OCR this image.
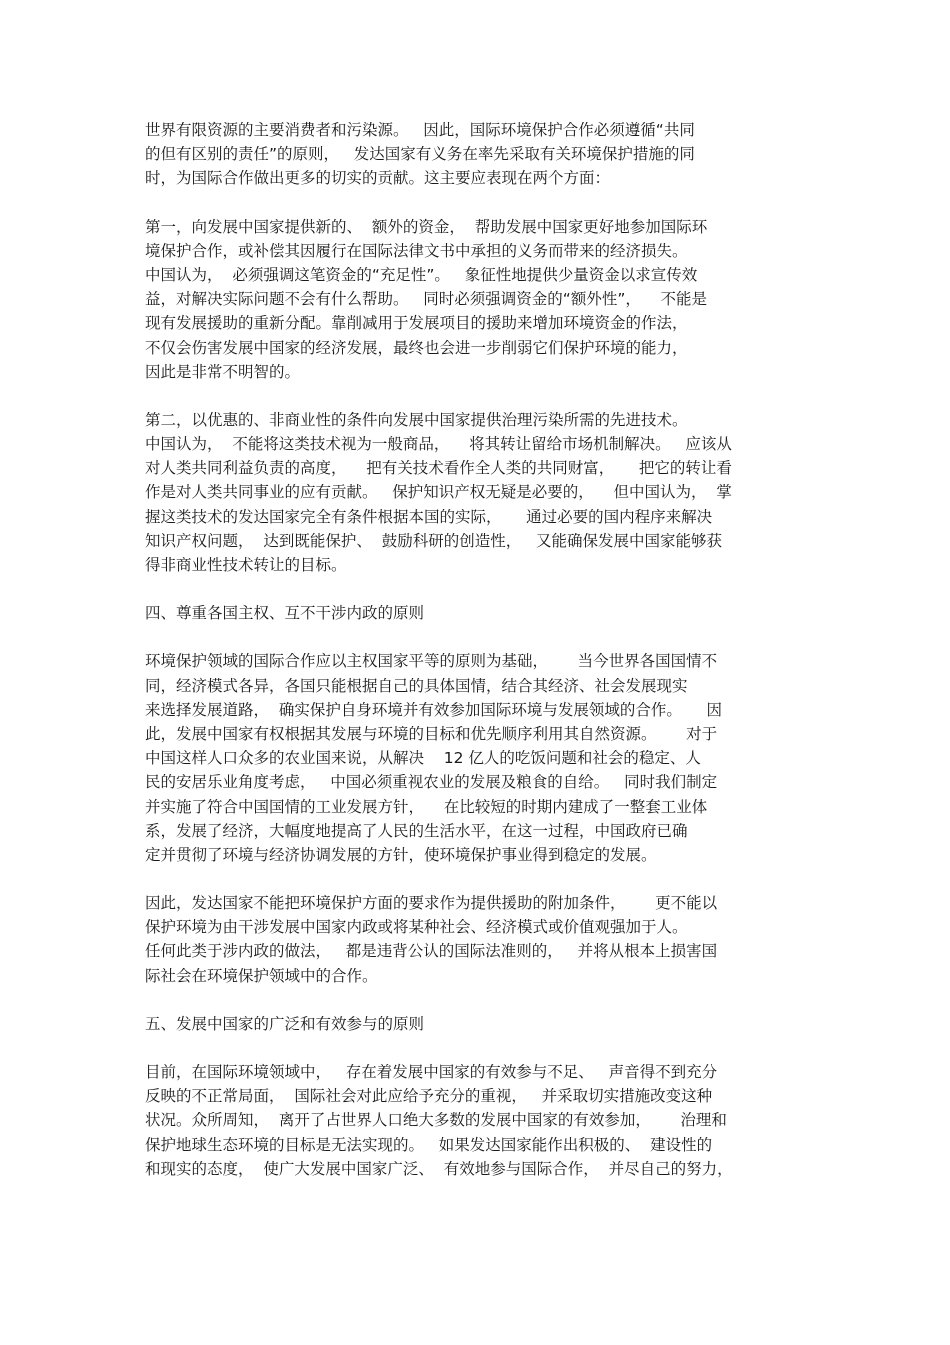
世界有限资源的主要消费者和污染源。   因此，国际环境保护合作必须遵循“共同
的但有区别的责任”的原则，   发达国家有义务在率先采取有关环境保护措施的同
时，为国际合作做出更多的切实的贡献。这主要应表现在两个方面：
第一，向发展中国家提供新的、  额外的资金，  帮助发展中国家更好地参加国际环
境保护合作，或补偿其因履行在国际法律文书中承担的义务而带来的经济损失。
中国认为，  必须强调这笔资金的“充足性”。   象征性地提供少量资金以求宣传效
益，对解决实际问题不会有什么帮助。   同时必须强调资金的“额外性”，    不能是
现有发展援助的重新分配。靠削减用于发展项目的援助来增加环境资金的作法，
不仅会伤害发展中国家的经济发展，最终也会进一步削弱它们保护环境的能力，
因此是非常不明智的。
第二，以优惠的、非商业性的条件向发展中国家提供治理污染所需的先进技术。
中国认为，  不能将这类技术视为一般商品，    将其转让留给市场机制解决。   应该从
对人类共同利益负责的高度，    把有关技术看作全人类的共同财富，     把它的转让看
作是对人类共同事业的应有贡献。   保护知识产权无疑是必要的，    但中国认为，  掌
握这类技术的发达国家完全有条件根据本国的实际，     通过必要的国内程序来解决
知识产权问题，  达到既能保护、  鼓励科研的创造性，   又能确保发展中国家能够获
得非商业性技术转让的目标。
四、尊重各国主权、互不干涉内政的原则
环境保护领域的国际合作应以主权国家平等的原则为基础，      当今世界各国国情不
同，经济模式各异，各国只能根据自己的具体国情，结合其经济、社会发展现实
来选择发展道路，  确实保护自身环境并有效参加国际环境与发展领域的合作。     因
此，发展中国家有权根据其发展与环境的目标和优先顺序利用其自然资源。      对于
中国这样人口众多的农业国来说，从解决    12 亿人的吃饭问题和社会的稳定、人
民的安居乐业角度考虑，   中国必须重视农业的发展及粮食的自给。   同时我们制定
并实施了符合中国国情的工业发展方针，    在比较短的时期内建成了一整套工业体
系，发展了经济，大幅度地提高了人民的生活水平，在这一过程，中国政府已确
定并贯彻了环境与经济协调发展的方针，使环境保护事业得到稳定的发展。
因此，发达国家不能把环境保护方面的要求作为提供援助的附加条件，      更不能以
保护环境为由干涉发展中国家内政或将某种社会、经济模式或价值观强加于人。
任何此类于涉内政的做法，   都是违背公认的国际法准则的，   并将从根本上损害国
际社会在环境保护领域中的合作。
五、发展中国家的广泛和有效参与的原则
目前，在国际环境领域中，   存在着发展中国家的有效参与不足、   声音得不到充分
反映的不正常局面，  国际社会对此应给予充分的重视，   并采取切实措施改变这种
状况。众所周知，  离开了占世界人口绝大多数的发展中国家的有效参加，      治理和
保护地球生态环境的目标是无法实现的。   如果发达国家能作出积极的、  建设性的
和现实的态度，  使广大发展中国家广泛、  有效地参与国际合作，  并尽自己的努力，
